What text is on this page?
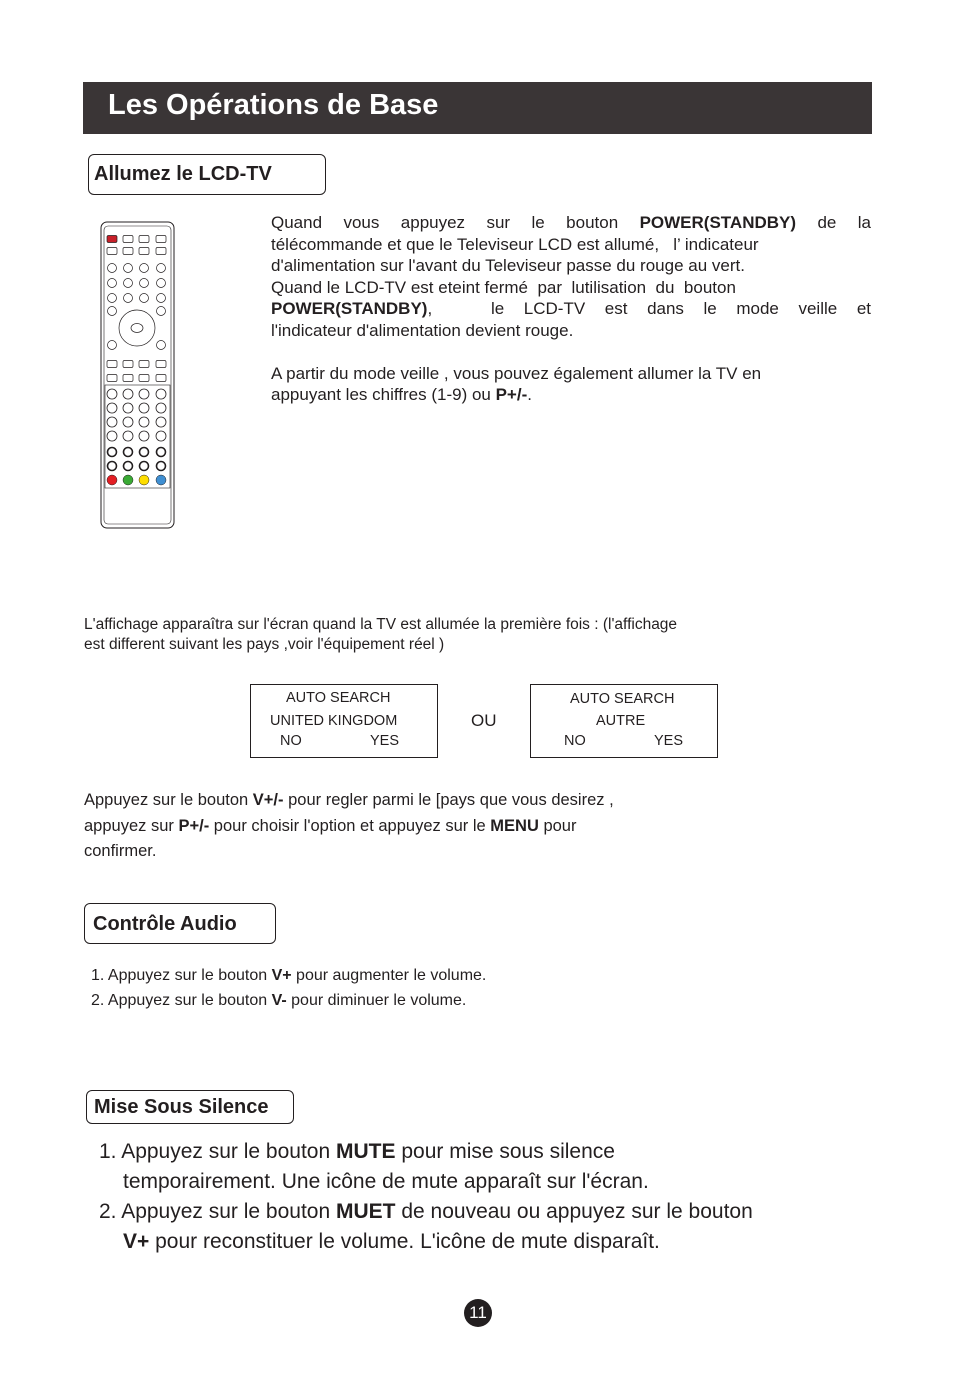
Les Opérations de Base
Allumez le LCD-TV
Quand vous appuyez sur le bouton POWER(STANDBY) de la
télécommande et que le Televiseur LCD est allumé,   l’ indicateur
d'alimentation sur l'avant du Televiseur passe du rouge au vert.
Quand le LCD-TV est eteint fermé  par  lutilisation  du  bouton
POWER(STANDBY),   le LCD-TV est dans le mode veille et
l'indicateur d'alimentation devient rouge.
A partir du mode veille , vous pouvez également allumer la TV en
appuyant les chiffres (1-9) ou P+/-.
L'affichage apparaîtra sur l'écran quand la TV est allumée la première fois : (l'affichage
est different suivant les pays ,voir l'équipement réel )
AUTO SEARCH
UNITED KINGDOM
NO	YES
OU
AUTO SEARCH
AUTRE
NO	YES
Appuyez sur le bouton V+/- pour regler parmi le [pays que vous desirez ,
appuyez sur P+/- pour choisir l'option et appuyez sur le MENU pour
confirmer.
Contrôle Audio
1. Appuyez sur le bouton V+ pour augmenter le volume.
2. Appuyez sur le bouton V- pour diminuer le volume.
Mise Sous Silence
1. Appuyez sur le bouton MUTE pour mise sous silence
temporairement. Une icône de mute apparaît sur l'écran.
2. Appuyez sur le bouton MUET de nouveau ou appuyez sur le bouton
V+ pour reconstituer le volume. L'icône de mute disparaît.
11
